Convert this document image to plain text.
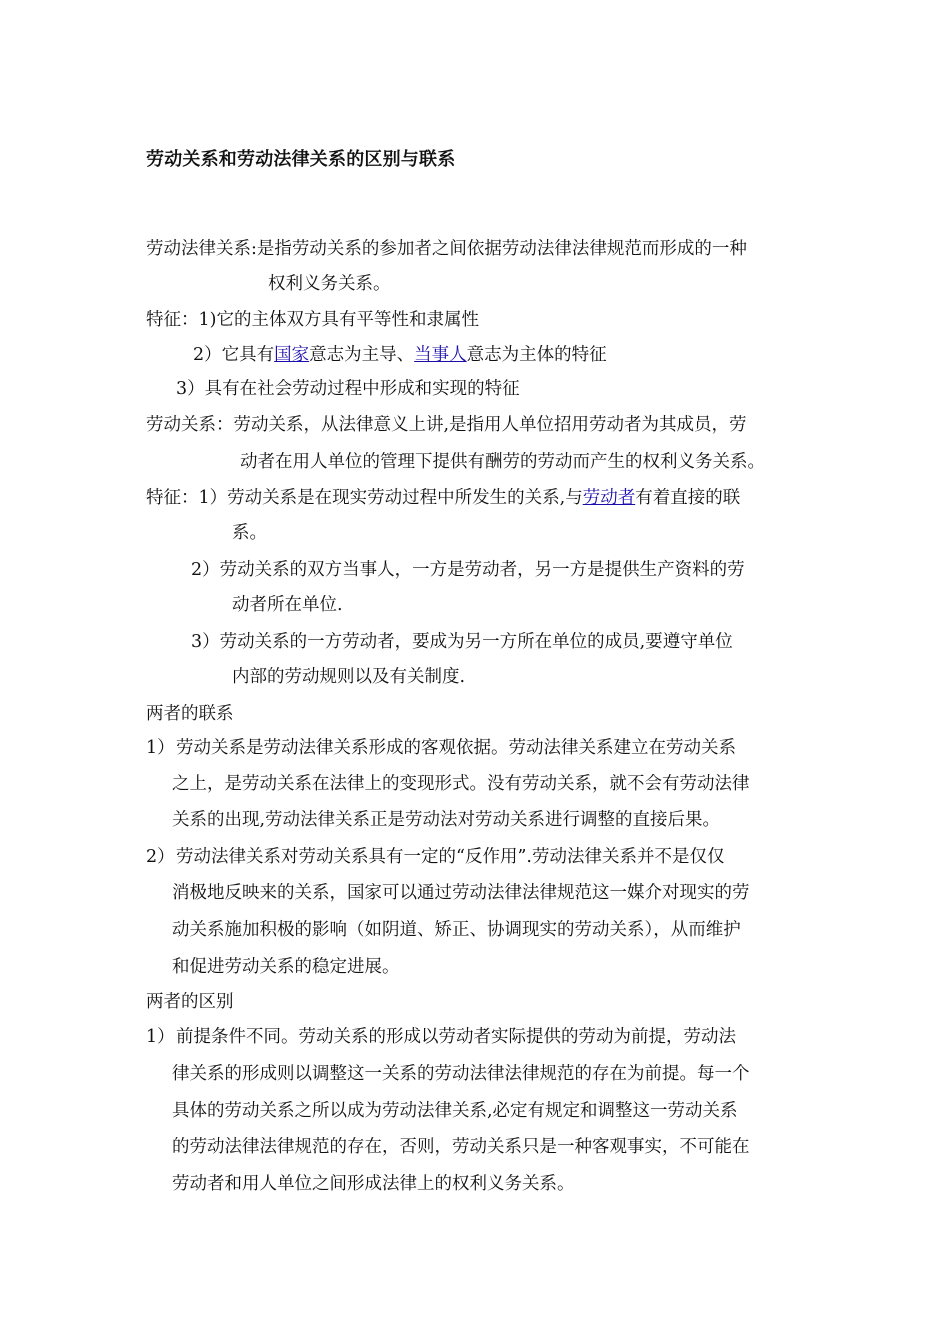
劳动关系和劳动法律关系的区别与联系
劳动法律关系:是指劳动关系的参加者之间依据劳动法律法律规范而形成的一种
权利义务关系。
特征：1)它的主体双方具有平等性和隶属性
2）它具有国家意志为主导、当事人意志为主体的特征
3）具有在社会劳动过程中形成和实现的特征
劳动关系：劳动关系，从法律意义上讲,是指用人单位招用劳动者为其成员，劳
动者在用人单位的管理下提供有酬劳的劳动而产生的权利义务关系。
特征：1）劳动关系是在现实劳动过程中所发生的关系,与劳动者有着直接的联
系。
2）劳动关系的双方当事人，一方是劳动者，另一方是提供生产资料的劳
动者所在单位.
3）劳动关系的一方劳动者，要成为另一方所在单位的成员,要遵守单位
内部的劳动规则以及有关制度.
两者的联系
1） 劳动关系是劳动法律关系形成的客观依据。劳动法律关系建立在劳动关系
之上，是劳动关系在法律上的变现形式。没有劳动关系，就不会有劳动法律
关系的出现,劳动法律关系正是劳动法对劳动关系进行调整的直接后果。
2） 劳动法律关系对劳动关系具有一定的“反作用”.劳动法律关系并不是仅仅
消极地反映来的关系，国家可以通过劳动法律法律规范这一媒介对现实的劳
动关系施加积极的影响（如阴道、矫正、协调现实的劳动关系），从而维护
和促进劳动关系的稳定进展。
两者的区别
1） 前提条件不同。劳动关系的形成以劳动者实际提供的劳动为前提，劳动法
律关系的形成则以调整这一关系的劳动法律法律规范的存在为前提。每一个
具体的劳动关系之所以成为劳动法律关系,必定有规定和调整这一劳动关系
的劳动法律法律规范的存在，否则，劳动关系只是一种客观事实，不可能在
劳动者和用人单位之间形成法律上的权利义务关系。
